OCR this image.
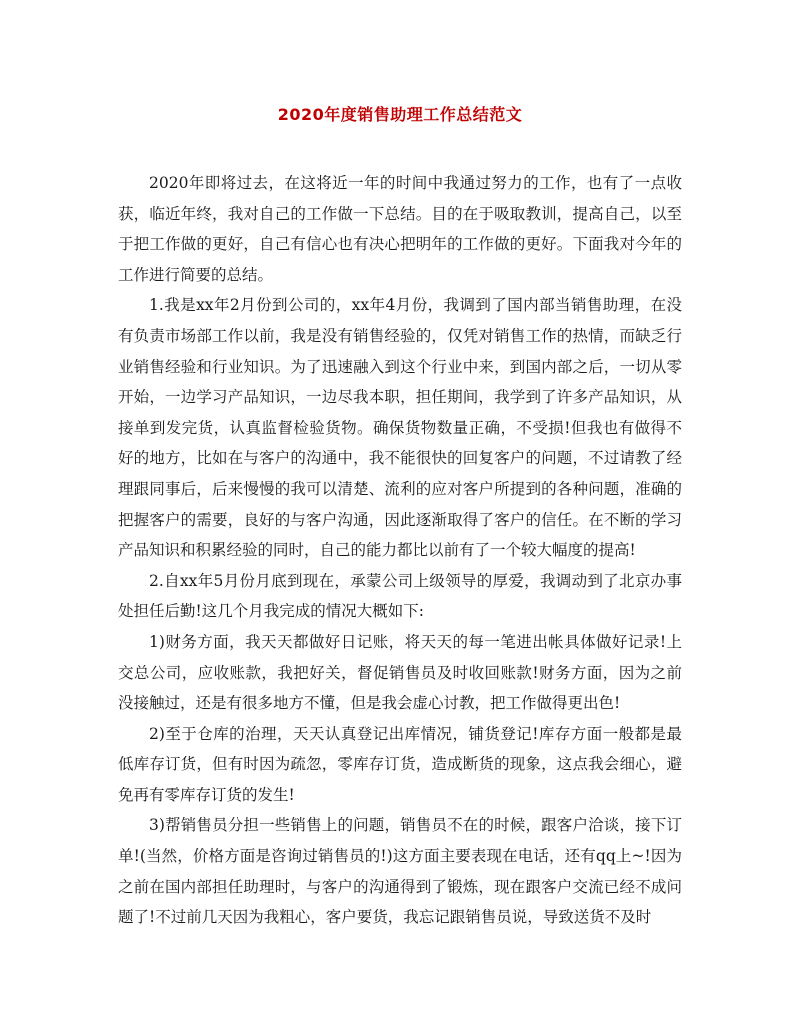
2020年度销售助理工作总结范文

2020年即将过去，在这将近一年的时间中我通过努力的工作，也有了一点收获，临近年终，我对自己的工作做一下总结。目的在于吸取教训，提高自己，以至于把工作做的更好，自己有信心也有决心把明年的工作做的更好。下面我对今年的工作进行简要的总结。

1.我是xx年2月份到公司的，xx年4月份，我调到了国内部当销售助理，在没有负责市场部工作以前，我是没有销售经验的，仅凭对销售工作的热情，而缺乏行业销售经验和行业知识。为了迅速融入到这个行业中来，到国内部之后，一切从零开始，一边学习产品知识，一边尽我本职，担任期间，我学到了许多产品知识，从接单到发完货，认真监督检验货物。确保货物数量正确，不受损!但我也有做得不好的地方，比如在与客户的沟通中，我不能很快的回复客户的问题，不过请教了经理跟同事后，后来慢慢的我可以清楚、流利的应对客户所提到的各种问题，准确的把握客户的需要，良好的与客户沟通，因此逐渐取得了客户的信任。在不断的学习产品知识和积累经验的同时，自己的能力都比以前有了一个较大幅度的提高!

2.自xx年5月份月底到现在，承蒙公司上级领导的厚爱，我调动到了北京办事处担任后勤!这几个月我完成的情况大概如下:

1)财务方面，我天天都做好日记账，将天天的每一笔进出帐具体做好记录!上交总公司，应收账款，我把好关，督促销售员及时收回账款!财务方面，因为之前没接触过，还是有很多地方不懂，但是我会虚心讨教，把工作做得更出色!

2)至于仓库的治理，天天认真登记出库情况，铺货登记!库存方面一般都是最低库存订货，但有时因为疏忽，零库存订货，造成断货的现象，这点我会细心，避免再有零库存订货的发生!

3)帮销售员分担一些销售上的问题，销售员不在的时候，跟客户洽谈，接下订单!(当然，价格方面是咨询过销售员的!)这方面主要表现在电话，还有qq上~!因为之前在国内部担任助理时，与客户的沟通得到了锻炼，现在跟客户交流已经不成问题了!不过前几天因为我粗心，客户要货，我忘记跟销售员说，导致送货不及时
